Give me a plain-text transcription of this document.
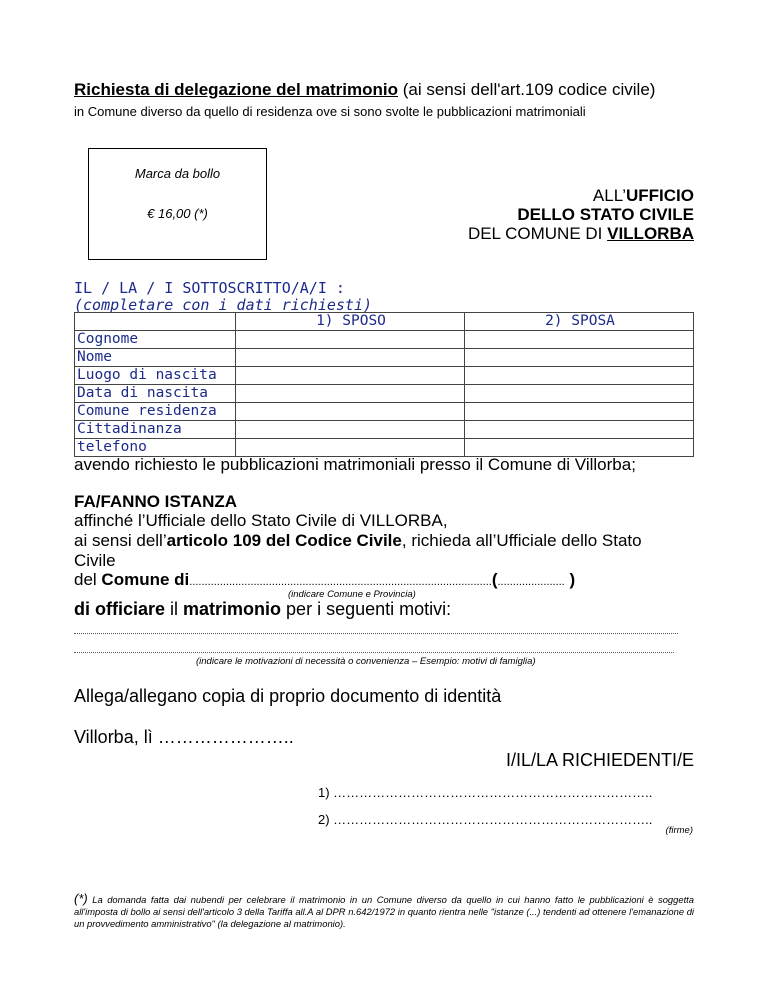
Richiesta di delegazione del matrimonio (ai sensi dell'art.109 codice civile)
in Comune diverso da quello di residenza ove si sono svolte le pubblicazioni matrimoniali
Marca da bollo
€ 16,00 (*)
ALL’UFFICIO
DELLO STATO CIVILE
DEL COMUNE DI VILLORBA
IL / LA / I SOTTOSCRITTO/A/I :
(completare con i dati richiesti)
	1) SPOSO	2) SPOSA
Cognome		
Nome		
Luogo di nascita		
Data di nascita		
Comune residenza		
Cittadinanza		
telefono		
avendo richiesto le pubblicazioni matrimoniali presso il Comune di Villorba;
FA/FANNO ISTANZA
affinché l’Ufficiale dello Stato Civile di VILLORBA,
ai sensi dell’articolo 109 del Codice Civile, richieda all’Ufficiale dello Stato
Civile
del Comune di...................................................................................................(...................... )
(indicare Comune e Provincia)
di officiare il matrimonio per i seguenti motivi:
(indicare le motivazioni di necessità o convenienza – Esempio: motivi di famiglia)
Allega/allegano copia di proprio documento di identità
Villorba, lì …………………..
I/IL/LA RICHIEDENTI/E
1) ………………………………………………………………..
2) ………………………………………………………………..
(firme)
(*) La domanda fatta dai nubendi per celebrare il matrimonio in un Comune diverso da quello in cui hanno fatto le pubblicazioni è soggetta all'imposta di bollo ai sensi dell'articolo 3 della Tariffa all.A al DPR n.642/1972 in quanto rientra nelle "istanze (...) tendenti ad ottenere l'emanazione di un provvedimento amministrativo" (la delegazione al matrimonio).
